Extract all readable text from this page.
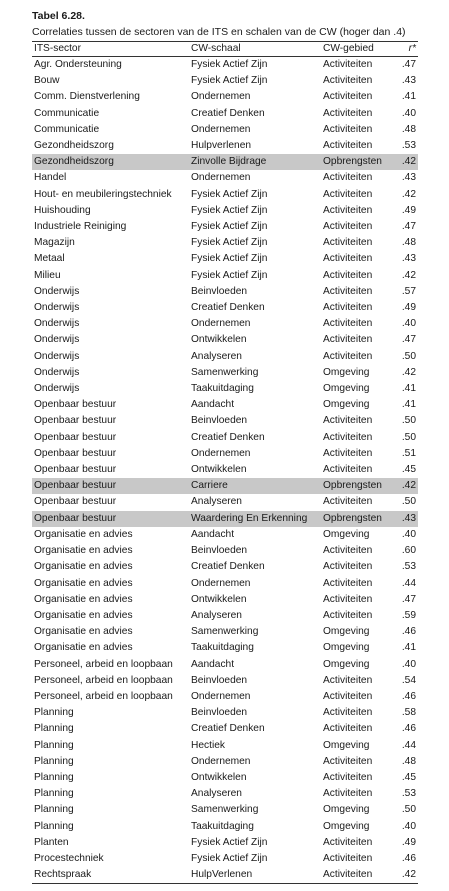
Tabel 6.28.
Correlaties tussen de sectoren van de ITS en schalen van de CW (hoger dan .4)
ITS-sector	CW-schaal	CW-gebied	r*
Agr. Ondersteuning	Fysiek Actief Zijn	Activiteiten	.47
Bouw	Fysiek Actief Zijn	Activiteiten	.43
Comm. Dienstverlening	Ondernemen	Activiteiten	.41
Communicatie	Creatief Denken	Activiteiten	.40
Communicatie	Ondernemen	Activiteiten	.48
Gezondheidszorg	Hulpverlenen	Activiteiten	.53
Gezondheidszorg	Zinvolle Bijdrage	Opbrengsten	.42
Handel	Ondernemen	Activiteiten	.43
Hout- en meubileringstechniek	Fysiek Actief Zijn	Activiteiten	.42
Huishouding	Fysiek Actief Zijn	Activiteiten	.49
Industriele Reiniging	Fysiek Actief Zijn	Activiteiten	.47
Magazijn	Fysiek Actief Zijn	Activiteiten	.48
Metaal	Fysiek Actief Zijn	Activiteiten	.43
Milieu	Fysiek Actief Zijn	Activiteiten	.42
Onderwijs	Beinvloeden	Activiteiten	.57
Onderwijs	Creatief Denken	Activiteiten	.49
Onderwijs	Ondernemen	Activiteiten	.40
Onderwijs	Ontwikkelen	Activiteiten	.47
Onderwijs	Analyseren	Activiteiten	.50
Onderwijs	Samenwerking	Omgeving	.42
Onderwijs	Taakuitdaging	Omgeving	.41
Openbaar bestuur	Aandacht	Omgeving	.41
Openbaar bestuur	Beinvloeden	Activiteiten	.50
Openbaar bestuur	Creatief Denken	Activiteiten	.50
Openbaar bestuur	Ondernemen	Activiteiten	.51
Openbaar bestuur	Ontwikkelen	Activiteiten	.45
Openbaar bestuur	Carriere	Opbrengsten	.42
Openbaar bestuur	Analyseren	Activiteiten	.50
Openbaar bestuur	Waardering En Erkenning	Opbrengsten	.43
Organisatie en advies	Aandacht	Omgeving	.40
Organisatie en advies	Beinvloeden	Activiteiten	.60
Organisatie en advies	Creatief Denken	Activiteiten	.53
Organisatie en advies	Ondernemen	Activiteiten	.44
Organisatie en advies	Ontwikkelen	Activiteiten	.47
Organisatie en advies	Analyseren	Activiteiten	.59
Organisatie en advies	Samenwerking	Omgeving	.46
Organisatie en advies	Taakuitdaging	Omgeving	.41
Personeel, arbeid en loopbaan	Aandacht	Omgeving	.40
Personeel, arbeid en loopbaan	Beinvloeden	Activiteiten	.54
Personeel, arbeid en loopbaan	Ondernemen	Activiteiten	.46
Planning	Beinvloeden	Activiteiten	.58
Planning	Creatief Denken	Activiteiten	.46
Planning	Hectiek	Omgeving	.44
Planning	Ondernemen	Activiteiten	.48
Planning	Ontwikkelen	Activiteiten	.45
Planning	Analyseren	Activiteiten	.53
Planning	Samenwerking	Omgeving	.50
Planning	Taakuitdaging	Omgeving	.40
Planten	Fysiek Actief Zijn	Activiteiten	.49
Procestechniek	Fysiek Actief Zijn	Activiteiten	.46
Rechtspraak	HulpVerlenen	Activiteiten	.42
